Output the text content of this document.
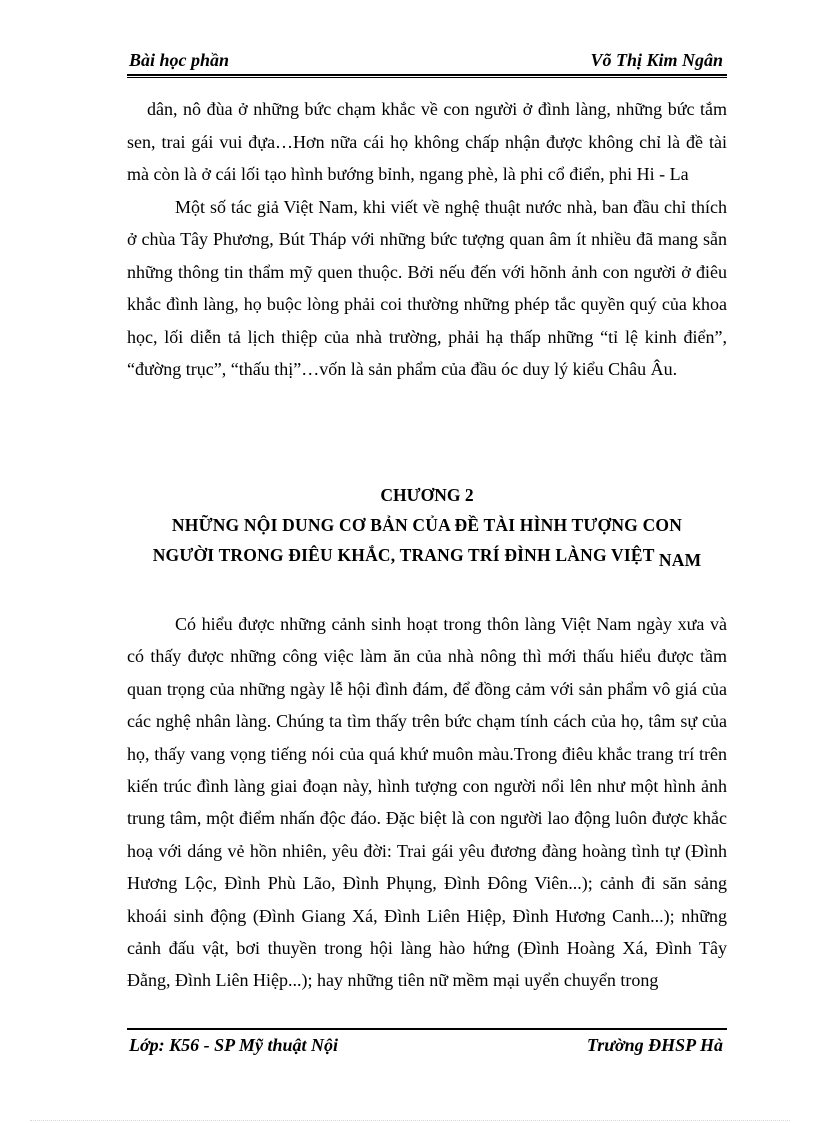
Bài học phần	Võ Thị Kim Ngân

dân, nô đùa ở những bức chạm khắc về con người ở đình làng, những bức tắm sen, trai gái vui đựa…Hơn nữa cái họ không chấp nhận được không chỉ là đề tài mà còn là ở cái lối tạo hình bướng bỉnh, ngang phè, là phi cổ điển, phi Hi - La

Một số tác giả Việt Nam, khi viết về nghệ thuật nước nhà, ban đầu chỉ thích ở chùa Tây Phương, Bút Tháp với những bức tượng quan âm ít nhiều đã mang sẵn những thông tin thẩm mỹ quen thuộc. Bởi nếu đến với hõnh ảnh con người ở điêu khắc đình làng, họ buộc lòng phải coi thường những phép tắc quyền quý của khoa học, lối diễn tả lịch thiệp của nhà trường, phải hạ thấp những “tỉ lệ kinh điển”, “đường trục”, “thấu thị”…vốn là sản phẩm của đầu óc duy lý kiểu Châu Âu.

CHƯƠNG 2
NHỮNG NỘI DUNG CƠ BẢN CỦA ĐỀ TÀI HÌNH TƯỢNG CON
NGƯỜI TRONG ĐIÊU KHẮC, TRANG TRÍ ĐÌNH LÀNG VIỆT NAM

Có hiểu được những cảnh sinh hoạt trong thôn làng Việt Nam ngày xưa và có thấy được những công việc làm ăn của nhà nông thì mới thấu hiểu được tầm quan trọng của những ngày lễ hội đình đám, để đồng cảm với sản phẩm vô giá của các nghệ nhân làng. Chúng ta tìm thấy trên bức chạm tính cách của họ, tâm sự của họ, thấy vang vọng tiếng nói của quá khứ muôn màu.Trong điêu khắc trang trí trên kiến trúc đình làng giai đoạn này, hình tượng con người nổi lên như một hình ảnh trung tâm, một điểm nhấn độc đáo. Đặc biệt là con người lao động luôn được khắc hoạ với dáng vẻ hồn nhiên, yêu đời: Trai gái yêu đương đàng hoàng tình tự (Đình Hương Lộc, Đình Phù Lão, Đình Phụng, Đình Đông Viên...); cảnh đi săn sảng khoái sinh động (Đình Giang Xá, Đình Liên Hiệp, Đình Hương Canh...); những cảnh đấu vật, bơi thuyền trong hội làng hào hứng (Đình Hoàng Xá, Đình Tây Đằng, Đình Liên Hiệp...); hay những tiên nữ mềm mại uyển chuyển trong

Lớp: K56 - SP Mỹ thuật Nội	Trường ĐHSP Hà
